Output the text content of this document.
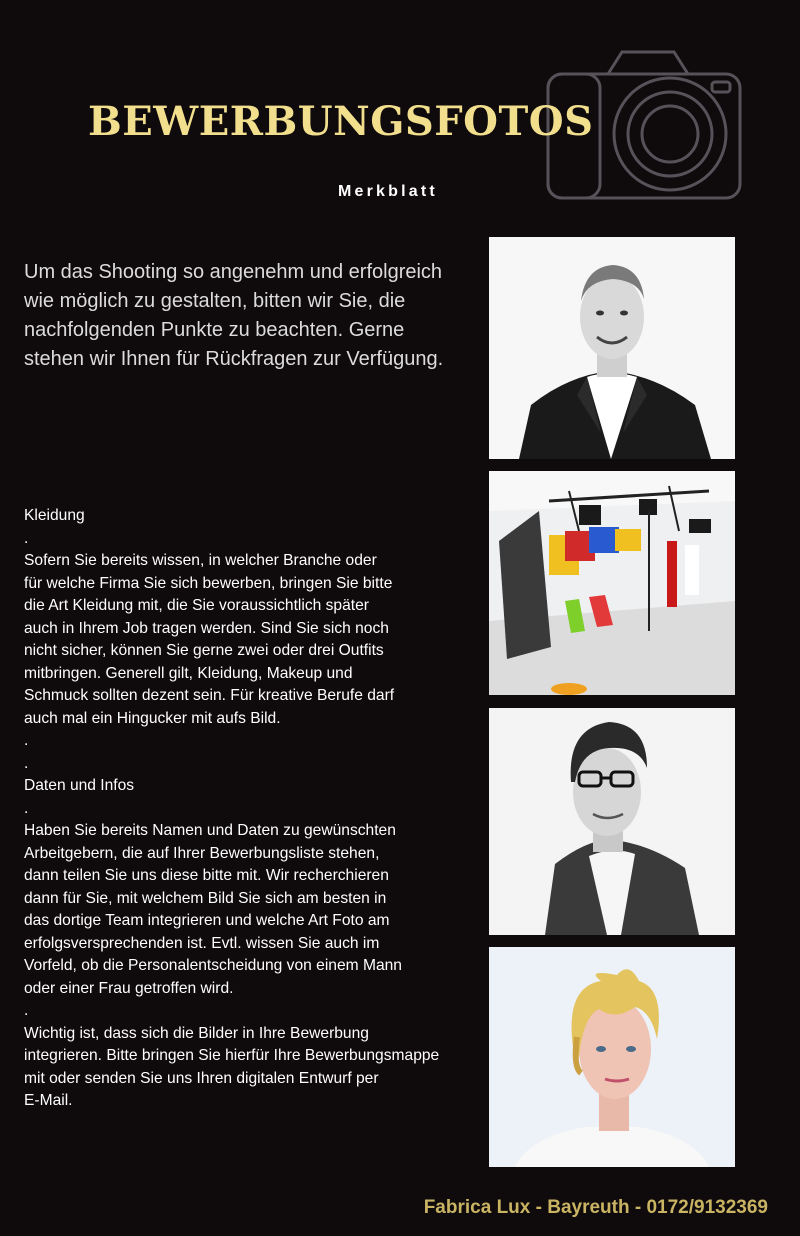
BEWERBUNGSFOTOS
Merkblatt

Um das Shooting so angenehm und erfolgreich wie möglich zu gestalten, bitten wir Sie, die nachfolgenden Punkte zu beachten. Gerne stehen wir Ihnen für Rückfragen zur Verfügung.

Kleidung
.
Sofern Sie bereits wissen, in welcher Branche oder
für welche Firma Sie sich bewerben, bringen Sie bitte
die Art Kleidung mit, die Sie voraussichtlich später
auch in Ihrem Job tragen werden. Sind Sie sich noch
nicht sicher, können Sie gerne zwei oder drei Outfits
mitbringen. Generell gilt, Kleidung, Makeup und
Schmuck sollten dezent sein. Für kreative Berufe darf
auch mal ein Hingucker mit aufs Bild.
.
.
Daten und Infos
.
Haben Sie bereits Namen und Daten zu gewünschten
Arbeitgebern, die auf Ihrer Bewerbungsliste stehen,
dann teilen Sie uns diese bitte mit. Wir recherchieren
dann für Sie, mit welchem Bild Sie sich am besten in
das dortige Team integrieren und welche Art Foto am
erfolgsversprechenden ist. Evtl. wissen Sie auch im
Vorfeld, ob die Personalentscheidung von einem Mann
oder einer Frau getroffen wird.
.
Wichtig ist, dass sich die Bilder in Ihre Bewerbung
integrieren. Bitte bringen Sie hierfür Ihre Bewerbungsmappe
mit oder senden Sie uns Ihren digitalen Entwurf per
E-Mail.
Fabrica Lux - Bayreuth - 0172/9132369
